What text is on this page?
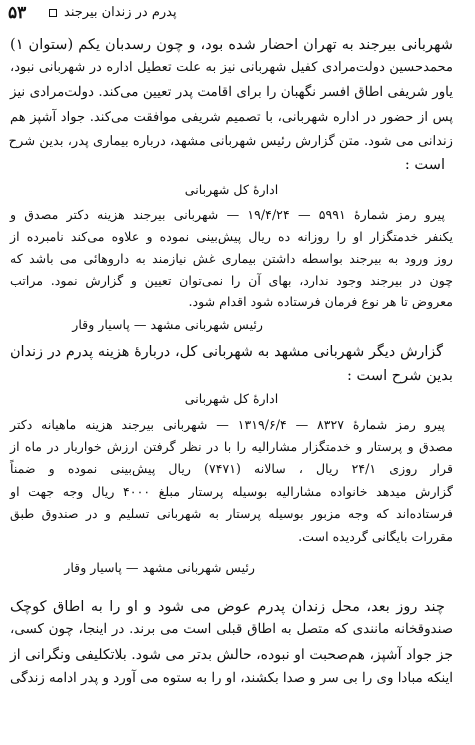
۵۳	پدرم در زندان بیرجند
شهربانی بیرجند به تهران احضار شده بود، و چون رسدبان یکم (ستوان ۱)
محمدحسین دولت‌مرادی کفیل شهربانی نیز به علت تعطیل اداره در شهربانی نبود،
یاور شریفی اطاق افسر نگهبان را برای اقامت پدر تعیین می‌کند. دولت‌مرادی نیز
پس از حضور در اداره شهربانی، با تصمیم شریفی موافقت می‌کند. جواد آشپز هم
زندانی می شود. متن گزارش رئیس شهربانی مشهد، درباره بیماری پدر، بدین شرح
است :
ادارهٔ کل شهربانی
پیرو رمز شمارهٔ ۵۹۹۱ — ۱۹/۴/۲۴ — شهربانی بیرجند هزینه دکتر مصدق و
یکنفر خدمتگزار او را روزانه ده ریال پیش‌بینی نموده و علاوه می‌کند نامبرده از
روز ورود به بیرجند بواسطه داشتن بیماری غش نیازمند به داروهائی می باشد که
چون در بیرجند وجود ندارد، بهای آن را نمی‌توان تعیین و گزارش نمود. مراتب
معروض تا هر نوع فرمان فرستاده شود اقدام شود.
رئیس شهربانی مشهد — پاسیار وقار
گزارش دیگر شهربانی مشهد به شهربانی کل، دربارهٔ هزینه پدرم در زندان
بدین شرح است :
ادارهٔ کل شهربانی
پیرو رمز شمارهٔ ۸۳۲۷ — ۱۳۱۹/۶/۴ — شهربانی بیرجند هزینه ماهیانه دکتر
مصدق و پرستار و خدمتگزار مشارالیه را با در نظر گرفتن ارزش خواربار در ماه از
قرار روزی ۲۴/۱ ریال ، سالانه (۷۴۷۱) ریال پیش‌بینی نموده و ضمناً
گزارش میدهد خانواده مشارالیه بوسیله پرستار مبلغ ۴۰۰۰ ریال وجه جهت او
فرستاده‌اند که وجه مزبور بوسیله پرستار به شهربانی تسلیم و در صندوق طبق
مقررات بایگانی گردیده است.
رئیس شهربانی مشهد — پاسیار وقار
چند روز بعد، محل زندان پدرم عوض می شود و او را به اطاق کوچک
صندوقخانه مانندی که متصل به اطاق قبلی است می برند. در اینجا، چون کسی،
جز جواد آشپز، هم‌صحبت او نبوده، حالش بدتر می شود. بلاتکلیفی ونگرانی از
اینکه مبادا وی را بی سر و صدا بکشند، او را به ستوه می آورد و پدر ادامه زندگی
